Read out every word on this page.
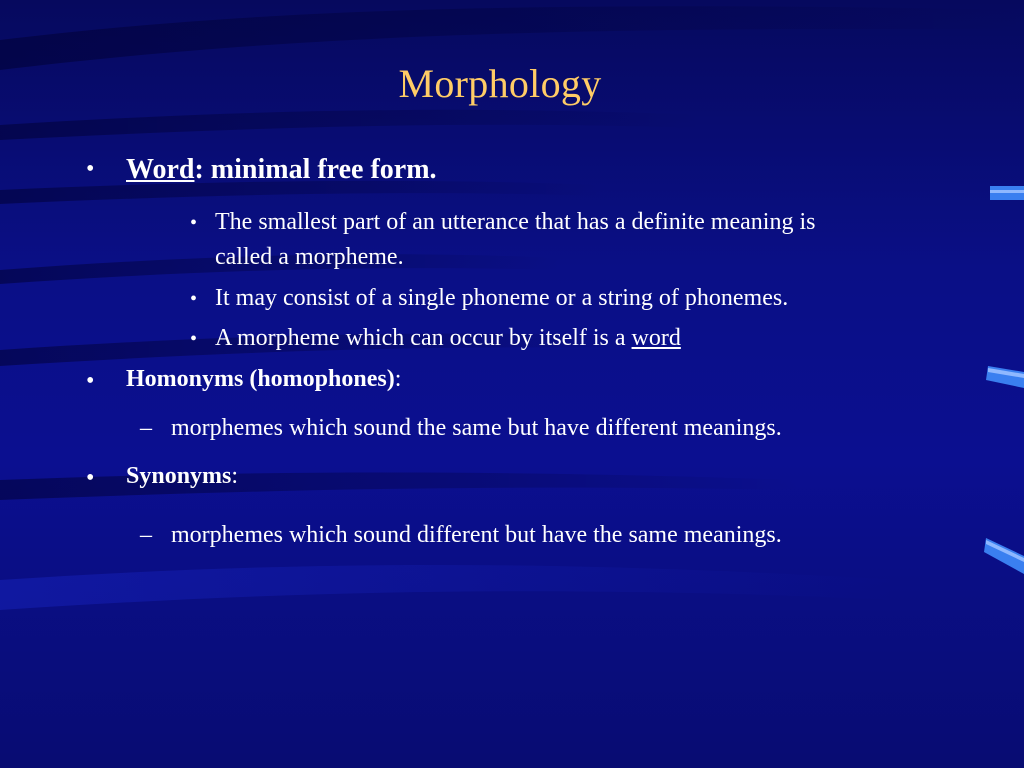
Morphology
• Word: minimal free form.
• The smallest part of an utterance that has a definite meaning is
called a morpheme.
• It may consist of a single phoneme or a string of phonemes.
• A morpheme which can occur by itself is a word
• Homonyms (homophones):
– morphemes which sound the same but have different meanings.
• Synonyms:
– morphemes which sound different but have the same meanings.
